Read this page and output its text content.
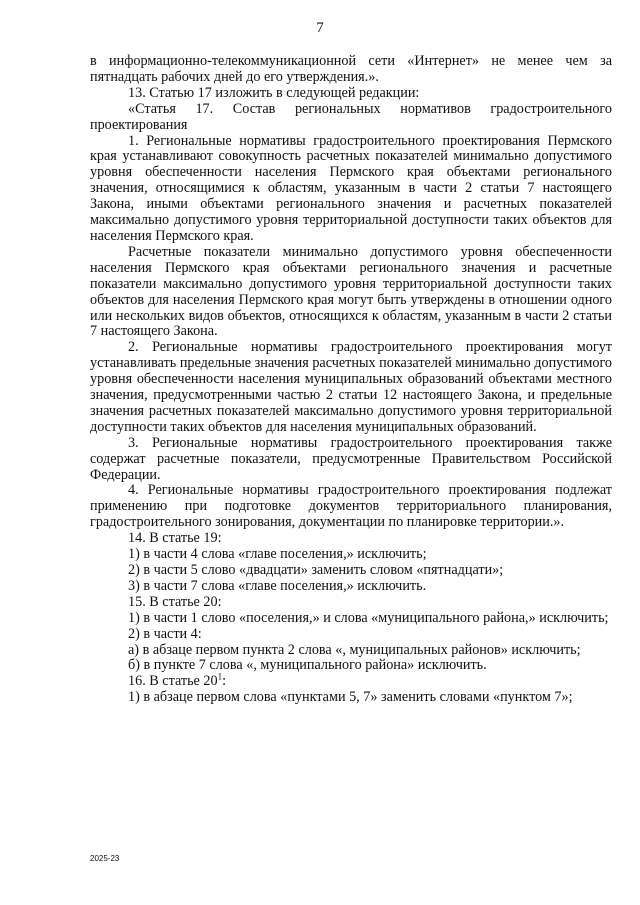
7

в информационно-телекоммуникационной сети «Интернет» не менее чем за пятнадцать рабочих дней до его утверждения.».

13. Статью 17 изложить в следующей редакции:

«Статья 17. Состав региональных нормативов градостроительного проектирования

1. Региональные нормативы градостроительного проектирования Пермского края устанавливают совокупность расчетных показателей минимально допустимого уровня обеспеченности населения Пермского края объектами регионального значения, относящимися к областям, указанным в части 2 статьи 7 настоящего Закона, иными объектами регионального значения и расчетных показателей максимально допустимого уровня территориальной доступности таких объектов для населения Пермского края.

Расчетные показатели минимально допустимого уровня обеспеченности населения Пермского края объектами регионального значения и расчетные показатели максимально допустимого уровня территориальной доступности таких объектов для населения Пермского края могут быть утверждены в отношении одного или нескольких видов объектов, относящихся к областям, указанным в части 2 статьи 7 настоящего Закона.

2. Региональные нормативы градостроительного проектирования могут устанавливать предельные значения расчетных показателей минимально допустимого уровня обеспеченности населения муниципальных образований объектами местного значения, предусмотренными частью 2 статьи 12 настоящего Закона, и предельные значения расчетных показателей максимально допустимого уровня территориальной доступности таких объектов для населения муниципальных образований.

3. Региональные нормативы градостроительного проектирования также содержат расчетные показатели, предусмотренные Правительством Российской Федерации.

4. Региональные нормативы градостроительного проектирования подлежат применению при подготовке документов территориального планирования, градостроительного зонирования, документации по планировке территории.».

14. В статье 19:

1) в части 4 слова «главе поселения,» исключить;

2) в части 5 слово «двадцати» заменить словом «пятнадцати»;

3) в части 7 слова «главе поселения,» исключить.

15. В статье 20:

1) в части 1 слово «поселения,» и слова «муниципального района,» исключить;

2) в части 4:

а) в абзаце первом пункта 2 слова «, муниципальных районов» исключить;

б) в пункте 7 слова «, муниципального района» исключить.

16. В статье $20^1$:

1) в абзаце первом слова «пунктами 5, 7» заменить словами «пунктом 7»;

2025-23
